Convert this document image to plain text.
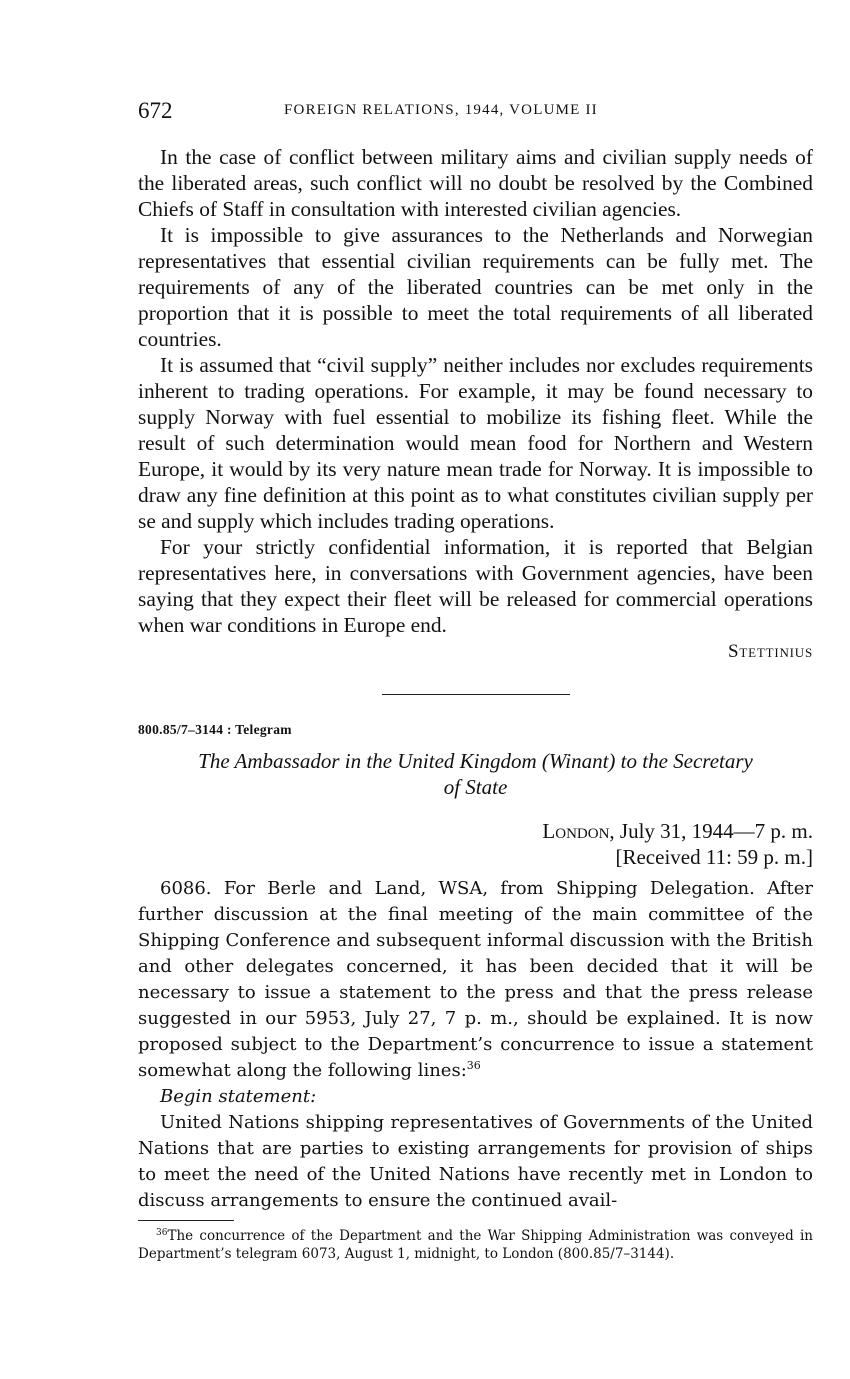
672	FOREIGN RELATIONS, 1944, VOLUME II

In the case of conflict between military aims and civilian supply needs of the liberated areas, such conflict will no doubt be resolved by the Combined Chiefs of Staff in consultation with interested civilian agencies.

It is impossible to give assurances to the Netherlands and Norwegian representatives that essential civilian requirements can be fully met. The requirements of any of the liberated countries can be met only in the proportion that it is possible to meet the total requirements of all liberated countries.

It is assumed that “civil supply” neither includes nor excludes requirements inherent to trading operations. For example, it may be found necessary to supply Norway with fuel essential to mobilize its fishing fleet. While the result of such determination would mean food for Northern and Western Europe, it would by its very nature mean trade for Norway. It is impossible to draw any fine definition at this point as to what constitutes civilian supply per se and supply which includes trading operations.

For your strictly confidential information, it is reported that Belgian representatives here, in conversations with Government agencies, have been saying that they expect their fleet will be released for commercial operations when war conditions in Europe end.

Stettinius
800.85/7–3144 : Telegram
The Ambassador in the United Kingdom (Winant) to the Secretary
of State
London, July 31, 1944—7 p. m.
[Received 11: 59 p. m.]

6086. For Berle and Land, WSA, from Shipping Delegation. After further discussion at the final meeting of the main committee of the Shipping Conference and subsequent informal discussion with the British and other delegates concerned, it has been decided that it will be necessary to issue a statement to the press and that the press release suggested in our 5953, July 27, 7 p. m., should be explained. It is now proposed subject to the Department’s concurrence to issue a statement somewhat along the following lines:$^{36}$

Begin statement:

United Nations shipping representatives of Governments of the United Nations that are parties to existing arrangements for provision of ships to meet the need of the United Nations have recently met in London to discuss arrangements to ensure the continued avail-

$^{36}$The concurrence of the Department and the War Shipping Administration was conveyed in Department’s telegram 6073, August 1, midnight, to London (800.85/7–3144).
